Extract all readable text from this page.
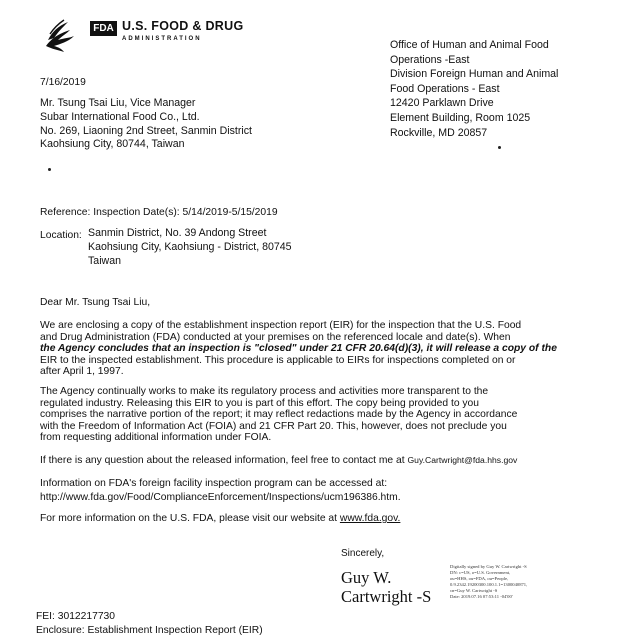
FDA U.S. FOOD & DRUG
ADMINISTRATION	Office of Human and Animal Food
Operations -East
Division Foreign Human and Animal
Food Operations - East
12420 Parklawn Drive
Element Building, Room 1025
Rockville, MD 20857
7/16/2019
Mr. Tsung Tsai Liu, Vice Manager
Subar International Food Co., Ltd.
No. 269, Liaoning 2nd Street, Sanmin District
Kaohsiung City, 80744, Taiwan
Reference: Inspection Date(s): 5/14/2019-5/15/2019
Location: Sanmin District, No. 39 Andong Street
Kaohsiung City, Kaohsiung - District, 80745
Taiwan
Dear Mr. Tsung Tsai Liu,
We are enclosing a copy of the establishment inspection report (EIR) for the inspection that the U.S. Food
and Drug Administration (FDA) conducted at your premises on the referenced locale and date(s). When
the Agency concludes that an inspection is "closed" under 21 CFR 20.64(d)(3), it will release a copy of the
EIR to the inspected establishment. This procedure is applicable to EIRs for inspections completed on or
after April 1, 1997.
The Agency continually works to make its regulatory process and activities more transparent to the
regulated industry. Releasing this EIR to you is part of this effort. The copy being provided to you
comprises the narrative portion of the report; it may reflect redactions made by the Agency in accordance
with the Freedom of Information Act (FOIA) and 21 CFR Part 20. This, however, does not preclude you
from requesting additional information under FOIA.
If there is any question about the released information, feel free to contact me at Guy.Cartwright@fda.hhs.gov
Information on FDA's foreign facility inspection program can be accessed at:
http://www.fda.gov/Food/ComplianceEnforcement/Inspections/ucm196386.htm.
For more information on the U.S. FDA, please visit our website at www.fda.gov.
Sincerely,
Guy W.
Cartwright -S
Digitally signed by Guy W. Cartwright -S
DN: c=US, o=U.S. Government,
ou=HHS, ou=FDA, ou=People,
0.9.2342.19200300.100.1.1=1300040871,
cn=Guy W. Cartwright -S
Date: 2019.07.16 07:53:11 -04'00'
FEI: 3012217730
Enclosure: Establishment Inspection Report (EIR)
